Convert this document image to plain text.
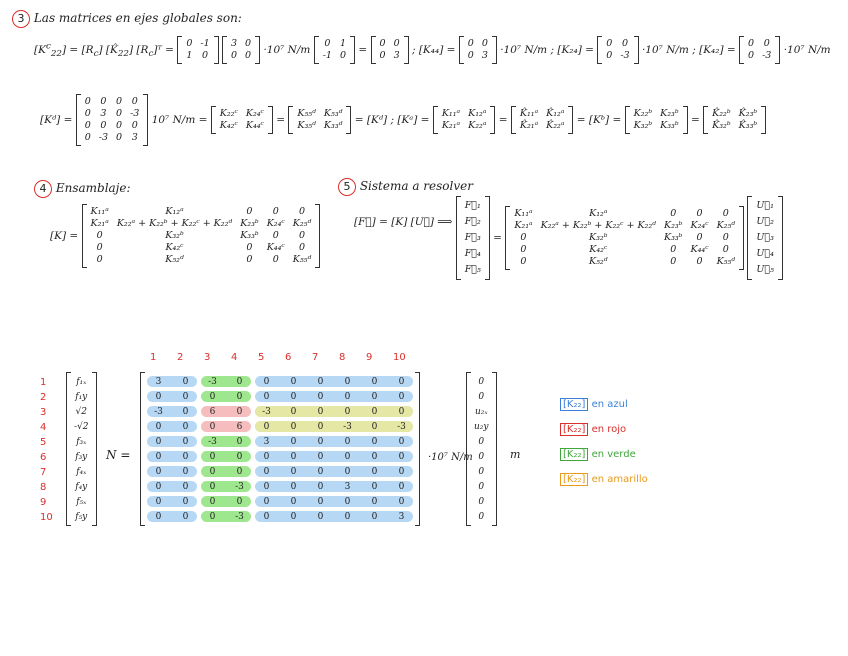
3 Las matrices en ejes globales son:
$[K^c_{22}] = [R_c]$ $[K̂_{22}]$ $[R_c]ᵀ$ =
0	-1
1	0

3	0
0	0 ·10⁷ N/m
0	1
-1	0 =
0	0
0	3 ; [K₄₄] =
0	0
0	3 ·10⁷ N/m ; [K₂₄] =
0	0
0	-3 ·10⁷ N/m ; [K₄₂] =
0	0
0	-3 ·10⁷ N/m
[Kᵈ] =
0	0	0	0
0	3	0	-3
0	0	0	0
0	-3	0	3
10⁷ N/m =
K₂₂ᶜ	K₂₄ᶜ
K₄₂ᶜ	K₄₄ᶜ =
K₅₅ᵈ	K₅₃ᵈ
K₃₅ᵈ	K₃₃ᵈ = [Kᵈ] ; [Kᵃ] =
K₁₁ᵃ	K₁₂ᵃ
K₂₁ᵃ	K₂₂ᵃ =
K̂₁₁ᵃ	K̂₁₂ᵃ
K̂₂₁ᵃ	K̂₂₂ᵃ = [Kᵇ] =
K₂₂ᵇ	K₂₃ᵇ
K₃₂ᵇ	K₃₃ᵇ =
K̂₂₂ᵇ	K̂₂₃ᵇ
K̂₃₂ᵇ	K̂₃₃ᵇ
4 Ensamblaje:
[K] =
K₁₁ᵃ	K₁₂ᵃ	0	0	0
K₂₁ᵃ	K₂₂ᵃ + K₂₂ᵇ + K₂₂ᶜ + K₂₂ᵈ	K₂₃ᵇ	K₂₄ᶜ	K₂₅ᵈ
0	K₃₂ᵇ	K₃₃ᵇ	0	0
0	K₄₂ᶜ	0	K₄₄ᶜ	0
0	K₅₂ᵈ	0	0	K₅₅ᵈ
5 Sistema a resolver
[F⃗] = [K] [U⃗] ⟹
F⃗₁
F⃗₂
F⃗₃
F⃗₄
F⃗₅
=
K₁₁ᵃ	K₁₂ᵃ	0	0	0
K₂₁ᵃ	K₂₂ᵃ + K₂₂ᵇ + K₂₂ᶜ + K₂₂ᵈ	K₂₃ᵇ	K₂₄ᶜ	K₂₅ᵈ
0	K₃₂ᵇ	K₃₃ᵇ	0	0
0	K₄₂ᶜ	0	K₄₄ᶜ	0
0	K₅₂ᵈ	0	0	K₅₅ᵈ

U⃗₁
U⃗₂
U⃗₃
U⃗₄
U⃗₅
1 2 3 4 5 6 7 8 9 10
1
2
3
4
5
6
7
8
9
10
f₁ₓ
f₁y
√2
-√2
f₃ₓ
f₃y
f₄ₓ
f₄y
f₅ₓ
f₅y
N =
3	0	-3	0	0	0	0	0	0	0
0	0	0	0	0	0	0	0	0	0
-3	0	6	0	-3	0	0	0	0	0
0	0	0	6	0	0	0	-3	0	-3
0	0	-3	0	3	0	0	0	0	0
0	0	0	0	0	0	0	0	0	0
0	0	0	0	0	0	0	0	0	0
0	0	0	-3	0	0	0	3	0	0
0	0	0	0	0	0	0	0	0	0
0	0	0	-3	0	0	0	0	0	3
·10⁷ N/m
0
0
u₂ₓ
u₂y
0
0
0
0
0
0
m
[K₂₂] en azul
[K₂₂] en rojo
[K₂₂] en verde
[K₂₂] en amarillo
